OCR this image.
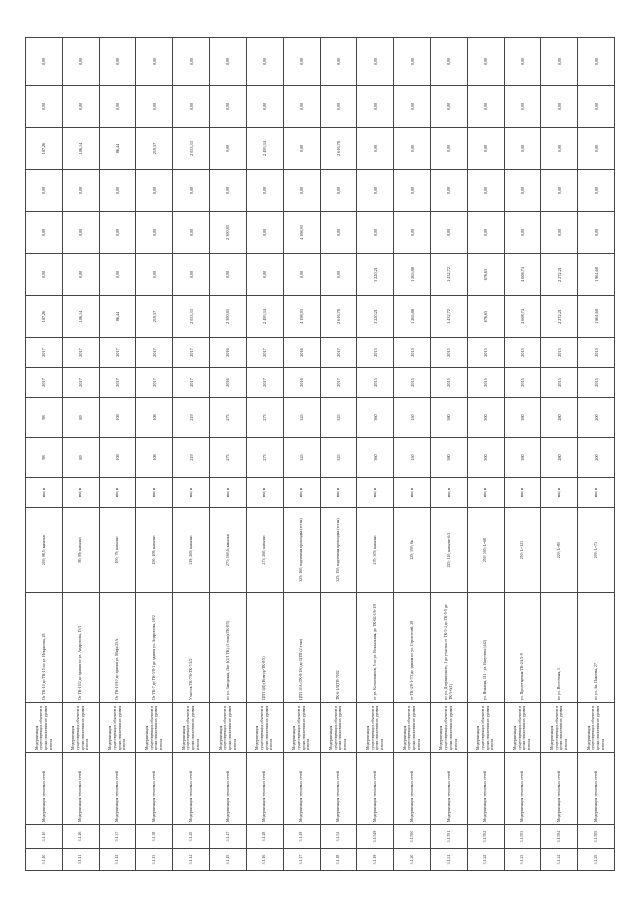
3.1.10	3.1.10	Модернизация тепловых сетей	Модернизация существующих объектов в целях снижения их уровня износа	От ТК-10 до ТК-15 по ул. Некрасова, 28	200; 98,5; канальн	мм; м	98	98	2017	2017	187,26	0,00	0,00	0,00	187,26	0,00	0,00
3.1.11	3.1.46	Модернизация тепловых сетей	Модернизация существующих объектов в целях снижения их уровня износа	От ТК-10/2 до здания по ул. Андропова, 15/1	80; 89; канальн	мм; м	89	89	2017	2017	106,14	0,00	0,00	0,00	106,14	0,00	0,00
3.1.12	3.1.37	Модернизация тепловых сетей	Модернизация существующих объектов в целях снижения их уровня износа	От ТК-10/10 до здания ул. Мира 25А	100; 75; канальн	мм; м	108	108	2017	2017	86,44	0,00	0,00	0,00	86,44	0,00	0,00
3.1.13	3.1.38	Модернизация тепловых сетей	Модернизация существующих объектов в целях снижения их уровня износа	От ТК-7 до ТК-3/8-1 до здания ул. Андропова, 18/2	150; 108; канальн	мм; м	108	108	2017	2017	219,57	0,00	0,00	0,00	219,57	0,00	0,00
3.1.14	3.1.45	Модернизация тепловых сетей	Модернизация существующих объектов в целях снижения их уровня износа	Участок ТК-7/6-ТК-7/4/2	219; 265; канальн	мм; м	219	219	2017	2017	2 053,33	0,00	0,00	0,00	2 053,33	0,00	0,00
3.1.15	3.1.47	Модернизация тепловых сетей	Модернизация существующих объектов в целях снижения их уровня износа	по ул. Заводская, Лит 1(2/1 ТК) (1 этап)(ТК-8/5)	273; 160,6; канальн	мм; м	273	273	2016	2016	2 300,83	0,00	2 300,83	0,00	0,00	0,00	0,00
3.1.16	3.1.48	Модернизация тепловых сетей	Модернизация существующих объектов в целях снижения их уровня износа	ЦТП 1(8) (Новгор-ТК-8/5)	273; 260; канальн	мм; м	273	273	2017	2017	2 495,34	0,00	0,00	0,00	2 495,34	0,00	0,00
3.1.17	3.1.49	Модернизация тепловых сетей	Модернизация существующих объектов в целях снижения их уровня износа	ЦТП 10А (ТК-8/1/6) до ЦТП (2 этап)	325; 160; надземная прокладка (эстак)	мм; м	325	325	2016	2016	4 198,93	0,00	4 198,93	0,00	0,00	0,00	0,00
3.1.18	3.1.54	Модернизация тепловых сетей	Модернизация существующих объектов в целях снижения их уровня износа	ТК-6-1/ЦТП-7002	325; 150; надземная прокладка (эстак)	мм; м	325	325	2017	2017	2 616,78	0,00	0,00	0,00	2 616,78	0,00	0,00
3.1.19	3.1.549	Модернизация тепловых сетей	Модернизация существующих объектов в целях снижения их уровня износа	от ул. Космонавтов, 5 по ул. Вокзальная, до ТК-6Б-1/6-1/9	470; 305; канальн	мм; м	360	360	2015	2015	3 220,21	3 220,21	0,00	0,00	0,00	0,00	0,00
3.1.20	3.1.550	Модернизация тепловых сетей	Модернизация существующих объектов в целях снижения их уровня износа	от ТК-4/8-1-7/3 до здания по ул. Строителей, 29	125; 150; бк	мм; м	150	150	2015	2015	1 265,88	1 265,88	0,00	0,00	0,00	0,00	0,00
3.1.21	3.1.551	Модернизация тепловых сетей	Модернизация существующих объектов в целях снижения их уровня износа	по ул. Дзержинского, 1 до участка от ТК-5-4 до ТК-5-5 до ТК-5-6(1)	225; 110; канальн 6/4	мм; м	380	380	2015	2015	1 432,72	1 432,72	0,00	0,00	0,00	0,00	0,00
3.1.22	3.1.552	Модернизация тепловых сетей	Модернизация существующих объектов в целях снижения их уровня износа	ул. Нижняя, 111 - ул. Ватутина (442)	250/ 300; L=68	мм; м	300	300	2015	2015	676,65	676,65	0,00	0,00	0,00	0,00	0,00
3.1.23	3.1.553	Модернизация тепловых сетей	Модернизация существующих объектов в целях снижения их уровня износа	ул. Пролетарская ТК-2А/2-9	250; L=123	мм; м	380	380	2015	2015	4 608,74	4 608,74	0,00	0,00	0,00	0,00	0,00
3.1.24	3.1.554	Модернизация тепловых сетей	Модернизация существующих объектов в целях снижения их уровня износа	по ул. Восточная, 1	220; L=80	мм; м	280	280	2015	2015	2 272,21	2 272,21	0,00	0,00	0,00	0,00	0,00
3.1.25	3.1.555	Модернизация тепловых сетей	Модернизация существующих объектов в целях снижения их уровня износа	по ул. Ак. Павлова, 27	200; L=73	мм; м	200	200	2015	2015	1 861,68	1 861,68	0,00	0,00	0,00	0,00	0,00
